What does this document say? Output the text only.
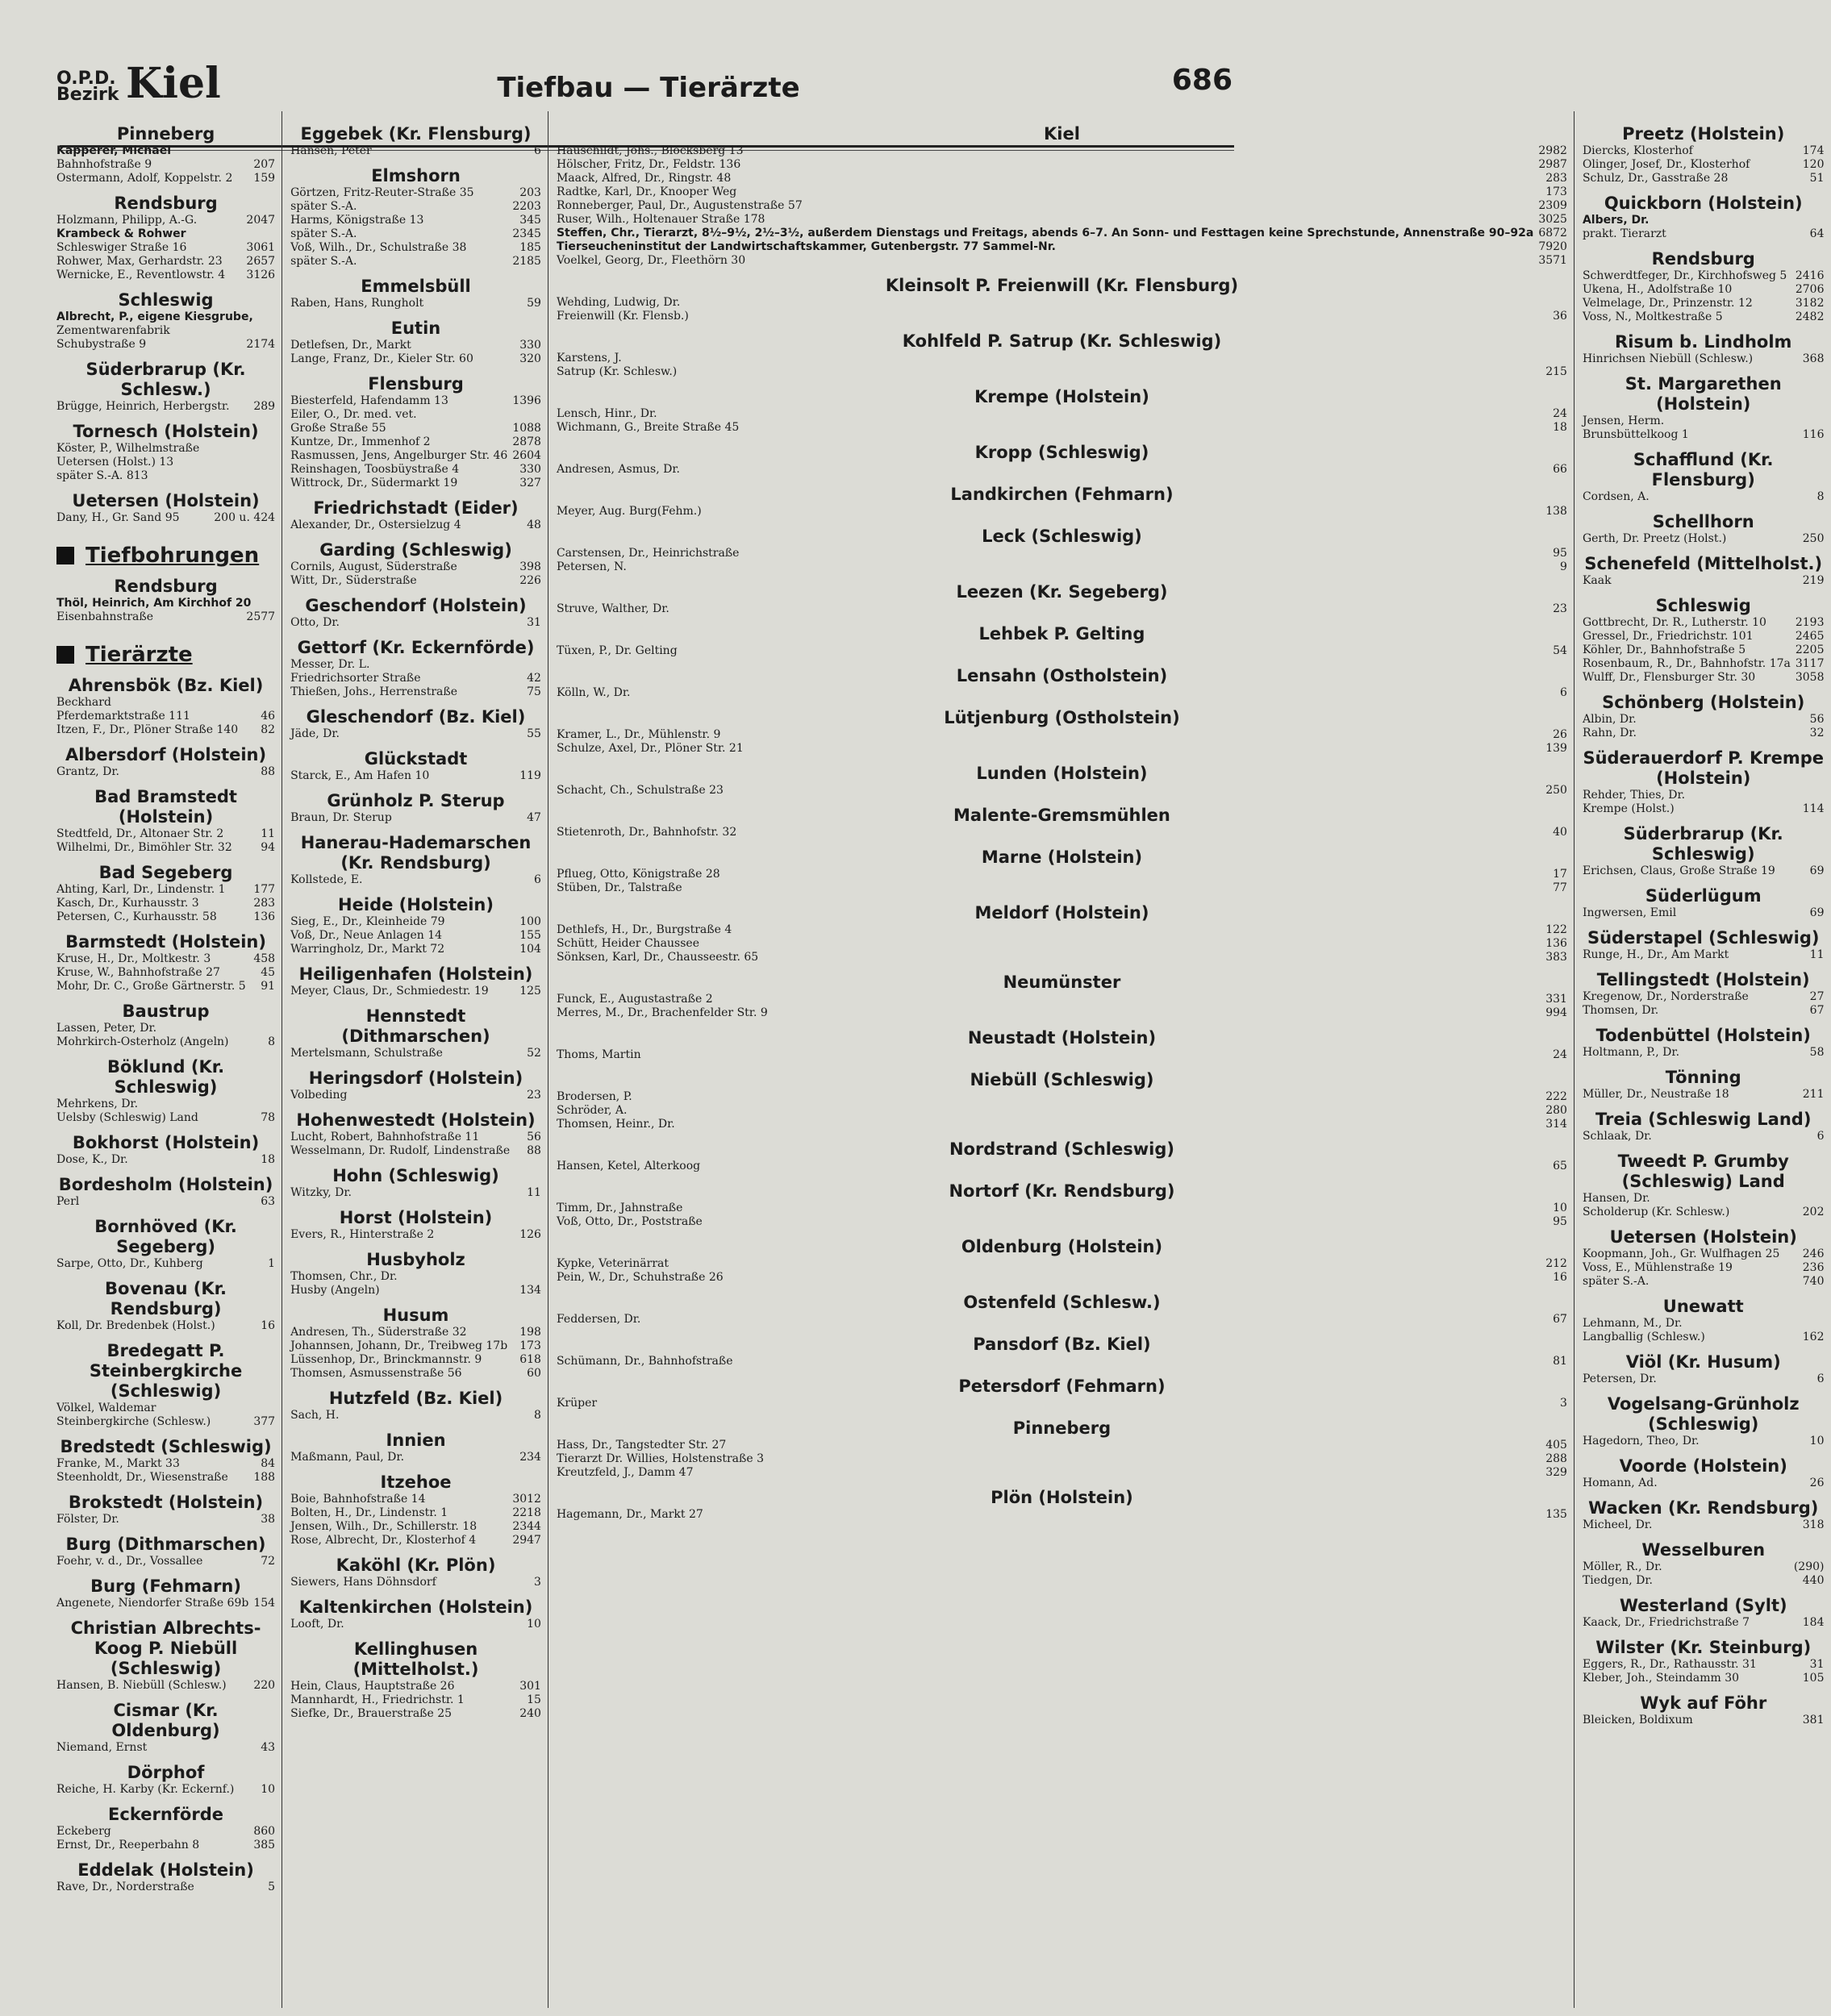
O.P.D.
Bezirk Kiel	Tiefbau — Tierärzte	686
Pinneberg
Kapperer, Michael
Bahnhofstraße 9	207
Ostermann, Adolf, Koppelstr. 2	159
Rendsburg
Holzmann, Philipp, A.-G.	2047
Krambeck & Rohwer
Schleswiger Straße 16	3061
Rohwer, Max, Gerhardstr. 23	2657
Wernicke, E., Reventlowstr. 4	3126
Schleswig
Albrecht, P., eigene Kiesgrube,
Zementwarenfabrik
Schubystraße 9	2174
Süderbrarup (Kr. Schlesw.)
Brügge, Heinrich, Herbergstr.	289
Tornesch (Holstein)
Köster, P., Wilhelmstraße
Uetersen (Holst.) 13
später S.-A. 813
Uetersen (Holstein)
Dany, H., Gr. Sand 95	200 u. 424
Tiefbohrungen
Rendsburg
Thöl, Heinrich, Am Kirchhof 20
Eisenbahnstraße	2577
Tierärzte
Ahrensbök (Bz. Kiel)
Beckhard
Pferdemarktstraße 111	46
Itzen, F., Dr., Plöner Straße 140	82
Albersdorf (Holstein)
Grantz, Dr.	88
Bad Bramstedt (Holstein)
Stedtfeld, Dr., Altonaer Str. 2	11
Wilhelmi, Dr., Bimöhler Str. 32	94
Bad Segeberg
Ahting, Karl, Dr., Lindenstr. 1	177
Kasch, Dr., Kurhausstr. 3	283
Petersen, C., Kurhausstr. 58	136
Barmstedt (Holstein)
Kruse, H., Dr., Moltkestr. 3	458
Kruse, W., Bahnhofstraße 27	45
Mohr, Dr. C., Große Gärtnerstr. 5	91
Baustrup
Lassen, Peter, Dr.
Mohrkirch-Osterholz (Angeln)	8
Böklund (Kr. Schleswig)
Mehrkens, Dr.
Uelsby (Schleswig) Land	78
Bokhorst (Holstein)
Dose, K., Dr.	18
Bordesholm (Holstein)
Perl	63
Bornhöved (Kr. Segeberg)
Sarpe, Otto, Dr., Kuhberg	1
Bovenau (Kr. Rendsburg)
Koll, Dr. Bredenbek (Holst.)	16
Bredegatt P. Steinbergkirche (Schleswig)
Völkel, Waldemar
Steinbergkirche (Schlesw.)	377
Bredstedt (Schleswig)
Franke, M., Markt 33	84
Steenholdt, Dr., Wiesenstraße	188
Brokstedt (Holstein)
Fölster, Dr.	38
Burg (Dithmarschen)
Foehr, v. d., Dr., Vossallee	72
Burg (Fehmarn)
Angenete, Niendorfer Straße 69b 154
Christian Albrechts-Koog P. Niebüll (Schleswig)
Hansen, B. Niebüll (Schlesw.)	220
Cismar (Kr. Oldenburg)
Niemand, Ernst	43
Dörphof
Reiche, H. Karby (Kr. Eckernf.)	10
Eckernförde
Eckeberg	860
Ernst, Dr., Reeperbahn 8	385
Eddelak (Holstein)
Rave, Dr., Norderstraße	5
Eggebek (Kr. Flensburg)
Hansen, Peter	6
Elmshorn
Görtzen, Fritz-Reuter-Straße 35	203
später S.-A.	2203
Harms, Königstraße 13	345
später S.-A.	2345
Voß, Wilh., Dr., Schulstraße 38	185
später S.-A.	2185
Emmelsbüll
Raben, Hans, Rungholt	59
Eutin
Detlefsen, Dr., Markt	330
Lange, Franz, Dr., Kieler Str. 60	320
Flensburg
Biesterfeld, Hafendamm 13	1396
Eiler, O., Dr. med. vet.
Große Straße 55	1088
Kuntze, Dr., Immenhof 2	2878
Rasmussen, Jens, Angelburger Str. 46 2604
Reinshagen, Toosbüystraße 4	330
Wittrock, Dr., Südermarkt 19	327
Friedrichstadt (Eider)
Alexander, Dr., Ostersielzug 4	48
Garding (Schleswig)
Cornils, August, Süderstraße	398
Witt, Dr., Süderstraße	226
Geschendorf (Holstein)
Otto, Dr.	31
Gettorf (Kr. Eckernförde)
Messer, Dr. L.
Friedrichsorter Straße	42
Thießen, Johs., Herrenstraße	75
Gleschendorf (Bz. Kiel)
Jäde, Dr.	55
Glückstadt
Starck, E., Am Hafen 10	119
Grünholz P. Sterup
Braun, Dr. Sterup	47
Hanerau-Hademarschen (Kr. Rendsburg)
Kollstede, E.	6
Heide (Holstein)
Sieg, E., Dr., Kleinheide 79	100
Voß, Dr., Neue Anlagen 14	155
Warringholz, Dr., Markt 72	104
Heiligenhafen (Holstein)
Meyer, Claus, Dr., Schmiedestr. 19	125
Hennstedt (Dithmarschen)
Mertelsmann, Schulstraße	52
Heringsdorf (Holstein)
Volbeding	23
Hohenwestedt (Holstein)
Lucht, Robert, Bahnhofstraße 11	56
Wesselmann, Dr. Rudolf, Lindenstraße	88
Hohn (Schleswig)
Witzky, Dr.	11
Horst (Holstein)
Evers, R., Hinterstraße 2	126
Husbyholz
Thomsen, Chr., Dr.
Husby (Angeln)	134
Husum
Andresen, Th., Süderstraße 32	198
Johannsen, Johann, Dr., Treibweg 17b	173
Lüssenhop, Dr., Brinckmannstr. 9	618
Thomsen, Asmussenstraße 56	60
Hutzfeld (Bz. Kiel)
Sach, H.	8
Innien
Maßmann, Paul, Dr.	234
Itzehoe
Boie, Bahnhofstraße 14	3012
Bolten, H., Dr., Lindenstr. 1	2218
Jensen, Wilh., Dr., Schillerstr. 18	2344
Rose, Albrecht, Dr., Klosterhof 4	2947
Kaköhl (Kr. Plön)
Siewers, Hans Döhnsdorf	3
Kaltenkirchen (Holstein)
Looft, Dr.	10
Kellinghusen (Mittelholst.)
Hein, Claus, Hauptstraße 26	301
Mannhardt, H., Friedrichstr. 1	15
Siefke, Dr., Brauerstraße 25	240
Kiel
Hauschildt, Johs., Blocksberg 13	2982
Hölscher, Fritz, Dr., Feldstr. 136	2987
Maack, Alfred, Dr., Ringstr. 48	283
Radtke, Karl, Dr., Knooper Weg	173
Ronneberger, Paul, Dr., Augustenstraße 57	2309
Ruser, Wilh., Holtenauer Straße 178	3025
Steffen, Chr., Tierarzt, 8½–9½, 2½–3½, außerdem Dienstags und Freitags, abends 6–7. An Sonn- und Festtagen keine Sprechstunde, Annenstraße 90–92a 6872
Tierseucheninstitut der Landwirtschaftskammer, Gutenbergstr. 77 Sammel-Nr.	7920
Voelkel, Georg, Dr., Fleethörn 30	3571
Kleinsolt P. Freienwill (Kr. Flensburg)
Wehding, Ludwig, Dr.
Freienwill (Kr. Flensb.)	36
Kohlfeld P. Satrup (Kr. Schleswig)
Karstens, J.
Satrup (Kr. Schlesw.)	215
Krempe (Holstein)
Lensch, Hinr., Dr.	24
Wichmann, G., Breite Straße 45	18
Kropp (Schleswig)
Andresen, Asmus, Dr.	66
Landkirchen (Fehmarn)
Meyer, Aug. Burg(Fehm.)	138
Leck (Schleswig)
Carstensen, Dr., Heinrichstraße	95
Petersen, N.	9
Leezen (Kr. Segeberg)
Struve, Walther, Dr.	23
Lehbek P. Gelting
Tüxen, P., Dr. Gelting	54
Lensahn (Ostholstein)
Kölln, W., Dr.	6
Lütjenburg (Ostholstein)
Kramer, L., Dr., Mühlenstr. 9	26
Schulze, Axel, Dr., Plöner Str. 21	139
Lunden (Holstein)
Schacht, Ch., Schulstraße 23	250
Malente-Gremsmühlen
Stietenroth, Dr., Bahnhofstr. 32	40
Marne (Holstein)
Pflueg, Otto, Königstraße 28	17
Stüben, Dr., Talstraße	77
Meldorf (Holstein)
Dethlefs, H., Dr., Burgstraße 4	122
Schütt, Heider Chaussee	136
Sönksen, Karl, Dr., Chausseestr. 65	383
Neumünster
Funck, E., Augustastraße 2	331
Merres, M., Dr., Brachenfelder Str. 9	994
Neustadt (Holstein)
Thoms, Martin	24
Niebüll (Schleswig)
Brodersen, P.	222
Schröder, A.	280
Thomsen, Heinr., Dr.	314
Nordstrand (Schleswig)
Hansen, Ketel, Alterkoog	65
Nortorf (Kr. Rendsburg)
Timm, Dr., Jahnstraße	10
Voß, Otto, Dr., Poststraße	95
Oldenburg (Holstein)
Kypke, Veterinärrat	212
Pein, W., Dr., Schuhstraße 26	16
Ostenfeld (Schlesw.)
Feddersen, Dr.	67
Pansdorf (Bz. Kiel)
Schümann, Dr., Bahnhofstraße	81
Petersdorf (Fehmarn)
Krüper	3
Pinneberg
Hass, Dr., Tangstedter Str. 27	405
Tierarzt Dr. Willies, Holstenstraße 3	288
Kreutzfeld, J., Damm 47	329
Plön (Holstein)
Hagemann, Dr., Markt 27	135
Preetz (Holstein)
Diercks, Klosterhof	174
Olinger, Josef, Dr., Klosterhof	120
Schulz, Dr., Gasstraße 28	51
Quickborn (Holstein)
Albers, Dr.
prakt. Tierarzt	64
Rendsburg
Schwerdtfeger, Dr., Kirchhofsweg 5 2416
Ukena, H., Adolfstraße 10	2706
Velmelage, Dr., Prinzenstr. 12	3182
Voss, N., Moltkestraße 5	2482
Risum b. Lindholm
Hinrichsen Niebüll (Schlesw.)	368
St. Margarethen (Holstein)
Jensen, Herm.
Brunsbüttelkoog 1	116
Schafflund (Kr. Flensburg)
Cordsen, A.	8
Schellhorn
Gerth, Dr. Preetz (Holst.)	250
Schenefeld (Mittelholst.)
Kaak	219
Schleswig
Gottbrecht, Dr. R., Lutherstr. 10	2193
Gressel, Dr., Friedrichstr. 101	2465
Köhler, Dr., Bahnhofstraße 5	2205
Rosenbaum, R., Dr., Bahnhofstr. 17a 3117
Wulff, Dr., Flensburger Str. 30	3058
Schönberg (Holstein)
Albin, Dr.	56
Rahn, Dr.	32
Süderauerdorf P. Krempe (Holstein)
Rehder, Thies, Dr.
Krempe (Holst.)	114
Süderbrarup (Kr. Schleswig)
Erichsen, Claus, Große Straße 19	69
Süderlügum
Ingwersen, Emil	69
Süderstapel (Schleswig)
Runge, H., Dr., Am Markt	11
Tellingstedt (Holstein)
Kregenow, Dr., Norderstraße	27
Thomsen, Dr.	67
Todenbüttel (Holstein)
Holtmann, P., Dr.	58
Tönning
Müller, Dr., Neustraße 18	211
Treia (Schleswig Land)
Schlaak, Dr.	6
Tweedt P. Grumby (Schleswig) Land
Hansen, Dr.
Scholderup (Kr. Schlesw.)	202
Uetersen (Holstein)
Koopmann, Joh., Gr. Wulfhagen 25	246
Voss, E., Mühlenstraße 19	236
später S.-A.	740
Unewatt
Lehmann, M., Dr.
Langballig (Schlesw.)	162
Viöl (Kr. Husum)
Petersen, Dr.	6
Vogelsang-Grünholz (Schleswig)
Hagedorn, Theo, Dr.	10
Voorde (Holstein)
Homann, Ad.	26
Wacken (Kr. Rendsburg)
Micheel, Dr.	318
Wesselburen
Möller, R., Dr.	(290)
Tiedgen, Dr.	440
Westerland (Sylt)
Kaack, Dr., Friedrichstraße 7	184
Wilster (Kr. Steinburg)
Eggers, R., Dr., Rathausstr. 31	31
Kleber, Joh., Steindamm 30	105
Wyk auf Föhr
Bleicken, Boldixum	381
